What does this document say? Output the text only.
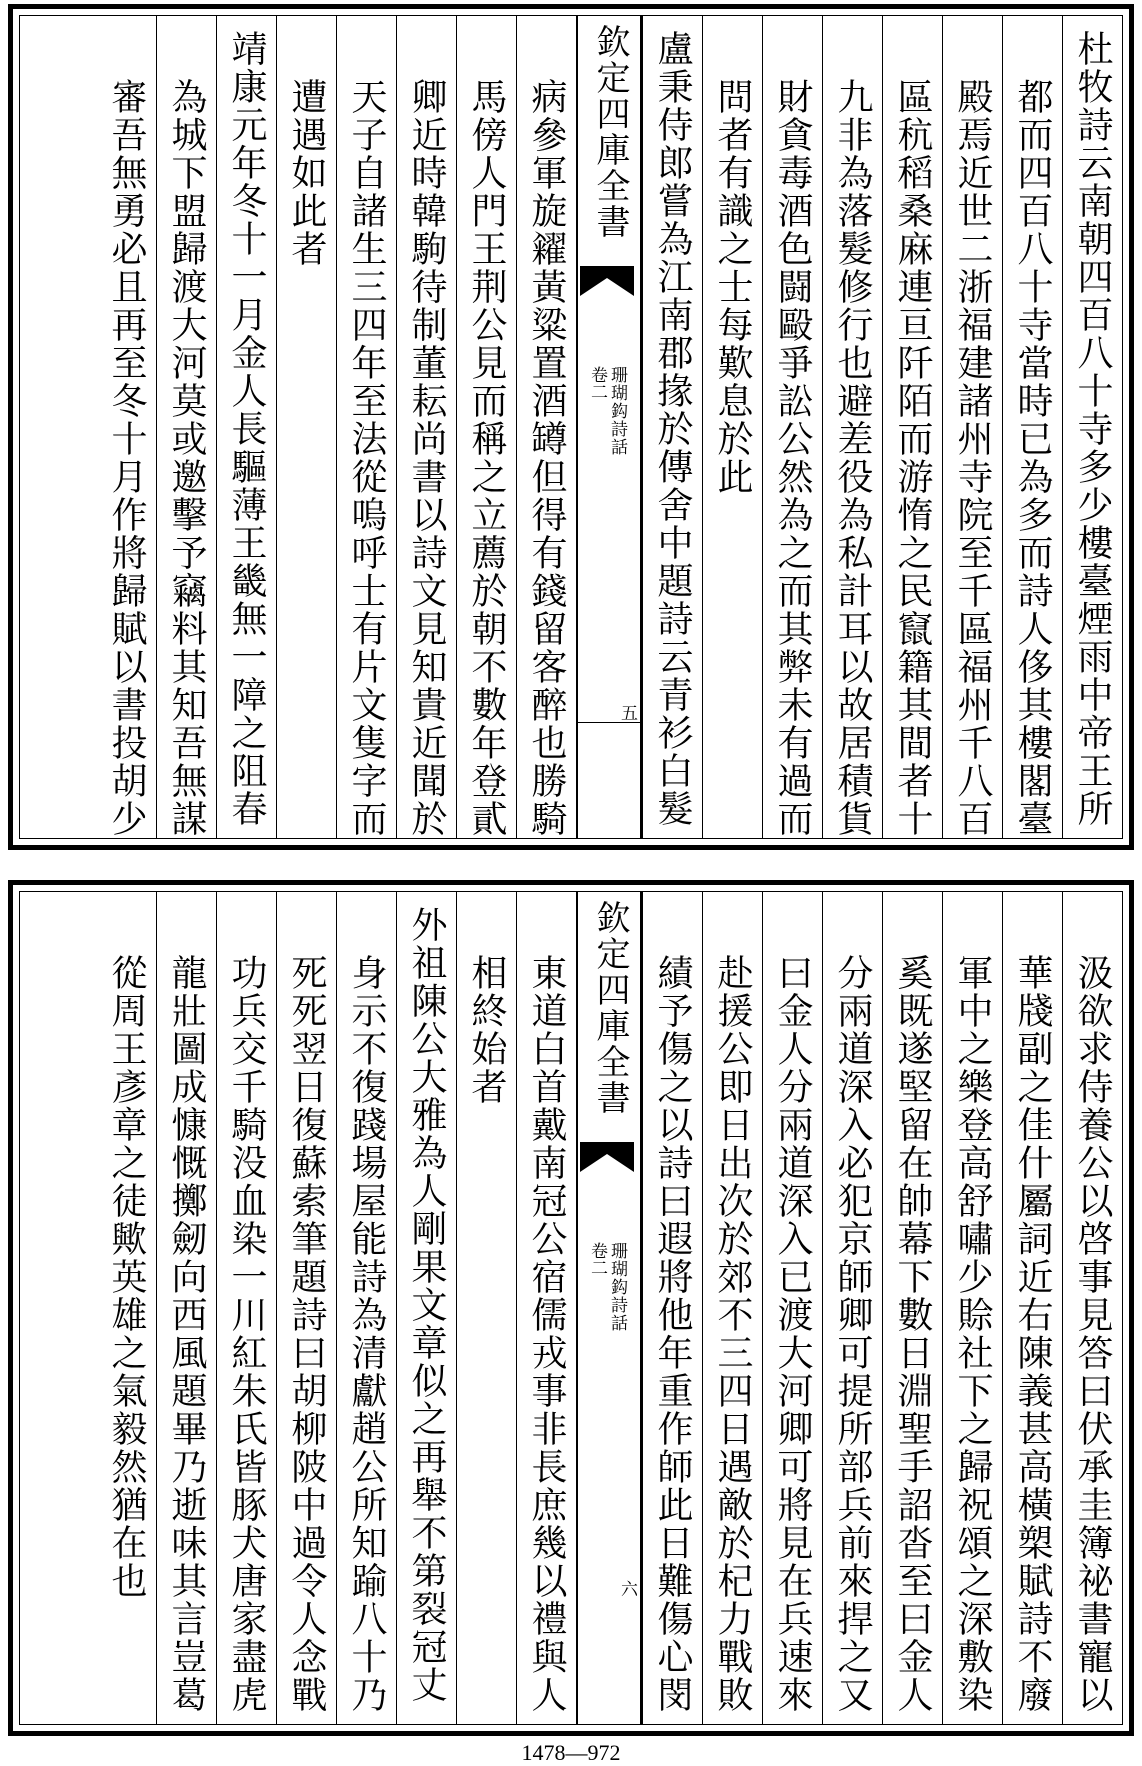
杜牧詩云南朝四百八十寺多少樓臺煙雨中帝王所
都而四百八十寺當時已為多而詩人侈其樓閣臺
殿焉近世二浙福建諸州寺院至千區福州千八百
區秔稻桑麻連亘阡陌而游惰之民竄籍其間者十
九非為落髮修行也避差役為私計耳以故居積貨
財貪毒酒色闘毆爭訟公然為之而其弊未有過而
問者有識之士每歎息於此
盧秉侍郎嘗為江南郡掾於傳舍中題詩云青衫白髮
欽定四庫全書
珊瑚鈎詩話
卷二
五
病參軍旋糴黃粱置酒罇但得有錢留客醉也勝騎
馬傍人門王荆公見而稱之立薦於朝不數年登貳
卿近時韓駒待制董耘尚書以詩文見知貴近聞於
天子自諸生三四年至法從嗚呼士有片文隻字而
遭遇如此者
靖康元年冬十一月金人長驅薄王畿無一障之阻春
為城下盟歸渡大河莫或邀擊予竊料其知吾無謀
審吾無勇必且再至冬十月作將歸賦以書投胡少
汲欲求侍養公以啓事見答曰伏承圭簿祕書寵以
華牋副之佳什屬詞近右陳義甚高橫槊賦詩不廢
軍中之樂登高舒嘯少賒社下之歸祝頌之深敷染
奚既遂堅留在帥幕下數日淵聖手詔沓至曰金人
分兩道深入必犯京師卿可提所部兵前來捍之又
曰金人分兩道深入已渡大河卿可將見在兵速來
赴援公即日出次於郊不三四日遇敵於杞力戰敗
績予傷之以詩曰遐將他年重作師此日難傷心閔
欽定四庫全書
珊瑚鈎詩話
卷二
六
東道白首戴南冠公宿儒戎事非長庶幾以禮與人
相終始者
外祖陳公大雅為人剛果文章似之再舉不第裂冠丈
身示不復踐場屋能詩為清獻趙公所知踰八十乃
死死翌日復蘇索筆題詩曰胡柳陂中過令人念戰
功兵交千騎没血染一川紅朱氏皆豚犬唐家盡虎
龍壯圖成慷慨擲劒向西風題畢乃逝味其言豈葛
從周王彥章之徒歟英雄之氣毅然猶在也
1478—972
